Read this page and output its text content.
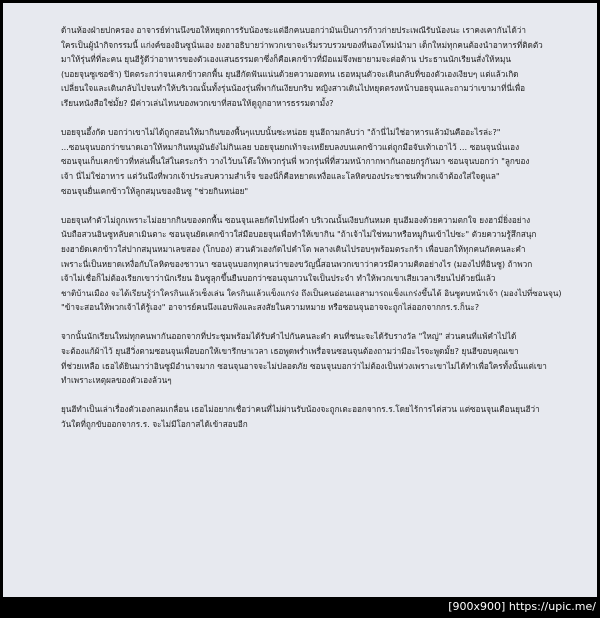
ด้านห้องฝ่ายปกครอง อาจารย์ท่านนึงขอให้หยุดการรับน้องชะแต่อีกคนบอกว่ามันเป็นการก้าวก่ายประเพณีรับน้องนะ เราคงเคากันได้ว่า
ใครเป็นผู้นำกิจกรรมนี้ แก่งค์ของอินซูนั่นเอง ยงฮาอธิบายว่าพวกเขาจะเริ่มรวบรวมของที่นองโหม่นำมา เด็กใหม่ทุกคนต้องนำอาหารที่ติดตัว
มาให้รุ่นที่ที่ละคน ยุนฮีรู้ดีว่าอาหารของตัวเองแสนธรรมดาซึ่งก็คือเคกข้าวที่มีอแม่จึงพยายามจะต่อต้าน ประธานนักเรียนสั่งให้หมุน
(บอยจุนซูเซอซ้า) ปิดตระกว่าจนเคกข้าวตกพื้น ยุนฮีกัดฟันแน่นด้วยความอดทน เธอหมุนตัวจะเดินกลับที่ของตัวเองเงียบๆ แต่แล้วเกิด
เปลี่ยนใจและเดินกลับไปจนทำให้บริเวณนั้นทั้งรุ่นน้องรุ่นพี่พากันเงียบกริบ หญิงสาวเดินไปหยุดตรงหน้าบอยจุนและถามว่าเขามาที่นี่เพื่อ
เรียนหนังสือใช่มั้ย? มีค่าวเล่นไหนของพวกเขาที่สอนให้ดูถูกอาหารธรรมดามั้ง?
บอยจุนอึ้งกัด บอกว่าเขาไม่ได้ถูกสอนให้มากินของพื้นๆแบบนั้นซะหน่อย ยุนฮีถามกลับว่า "ถ้านี่ไม่ใช่อาหารแล้วมันคืออะไรล่ะ?"
...ซอนจุนบอกว่าขนาดเอาให้หมากินหมูมันยังไม่กินเลย บอยจุนยกเท้าจะเหยียบลงบนเคกข้าวแต่ถูกมือจับเท้าเอาไว้ ... ซอนจุนนั่นเอง
ซอนจุนเก็บเคกข้าวที่หล่นพื้นใส่ในตระกร้า วางไว้บนโต๊ะให้พวกรุ่นพี่ พวกรุ่นพี่ที่สวมหน้ากากพากันถอยกรูกันมา ซอนจุนบอกว่า "ลูกของ
เจ้า นี่ไม่ใช่อาหาร แต่วันนึงที่พวกเจ้าประสบความสำเร็จ ของนี่ก็คือหยาดเหงื่อและโลหิตของประชาชนที่พวกเจ้าต้องใส่ใจดูแล"
ซอนจุนยื่นเคกข้าวให้ลูกสมุนของอินซู "ช่วยกินหน่อย"
บอยจุนทำตัวไม่ถูกเพราะไม่อยากกินของตกพื้น ซอนจุนเลยกัดไปหนึ่งคำ บริเวณนั้นเงียบกันหมด ยุนฮีมองด้วยความตกใจ ยงฮามี่ยิ่งอย่าง
นับถือสวนอินซูหลับตาเมินตาะ ซอนจุนยัดเคกข้าวใส่มือบอยจุนเพื่อทำให้เขากิน "ถ้าเจ้าไม่ใช่หมาหรือหมูกินเข้าไปซะ" ตัวยความรู้สึกสนุก
ยงฮายัดเคกข้าวใส่ปากสมุนหมาเลขสอง (โกบอง) สวนตัวเองกัดไปคำโต พลางเดินไปรอบๆพร้อมตระกร้า เพื่อบอกให้ทุกคนกัดคนละคำ
เพราะนี่เป็นหยาดเหงื่อกับโลหิตของชาวนา ซอนจุนบอกทุกคนว่าของขวัญนี้สอนพวกเขาว่าควรมีความคิดอย่างไร (มองไปที่อินซู) ถ้าพวก
เจ้าไม่เชื่อก็ไม่ต้องเรียกเขาว่านักเรียน อินซูลุกขึ้นยืนบอกว่าซอนจุนกวนใจเป็นประจำ ทำให้พวกเขาเสียเวลาเรียนไปด้วยนี่แล้ว
ชาติบ้านเมือง จะได้เรียนรู้ว่าใครกินแล้วเซ็งเล่น ใครกินแล้วแข็งแกร่ง ถึงเป็นคนอ่อนแอสามารถแข็งแกร่งขึ้นได้ อินซูตบหน้าเจ้า (มองไปที่ซอนจุน)
"ข้าจะสอนให้พวกเจ้าได้รู้เอง" อาจารย์คนนึงแอบฟังและสงสัยในความหมาย หรือซอนจุนอาจจะถูกไล่ออกจากกร.ร.ก็นะ?
จากนั้นนักเรียนใหม่ทุกคนพากันออกจากที่ประชุมพร้อมได้รับคำไปกันคนละคำ คนที่ชนะจะได้รับรางวัล "ใหญ่" ส่วนคนที่แพ้คำไปได้
จะต้องแก้ผ้าไว้ ยุนฮีวิ่งตามซอนจุนเพื่อบอกให้เขารีกษาเวลา เธอพูดพร่ำเพรื่อจนซอนจุนต้องถามว่ามีอะไรจะพูดมั้ย? ยุนฮีขอบคุณเขา
ที่ช่วยเหลือ เธอได้ยินมาว่าอินซูมีอำนาจมาก ซอนจุนอาจจะไม่ปลอดภัย ซอนจุนบอกว่าไม่ต้องเป็นห่วงเพราะเขาไม่ได้ทำเพื่อใครทั้งนั้นแต่เขา
ทำเพราะเหตุผลของตัวเองล้วนๆ
ยุนฮีทำเป็นเล่าเรื่องตัวเองกลมเกลื่อน เธอไม่อยากเชื่อว่าคนที่ไม่ผ่านรับน้องจะถูกเตะออกจากร.ร.โดยไร้การไต่สวน แต่ซอนจุนเตือนยุนฮีว่า
วันใดที่ถูกขับออกจากร.ร. จะไม่มีโอกาสได้เข้าสอบอีก
[900x900] https://upic.me/
